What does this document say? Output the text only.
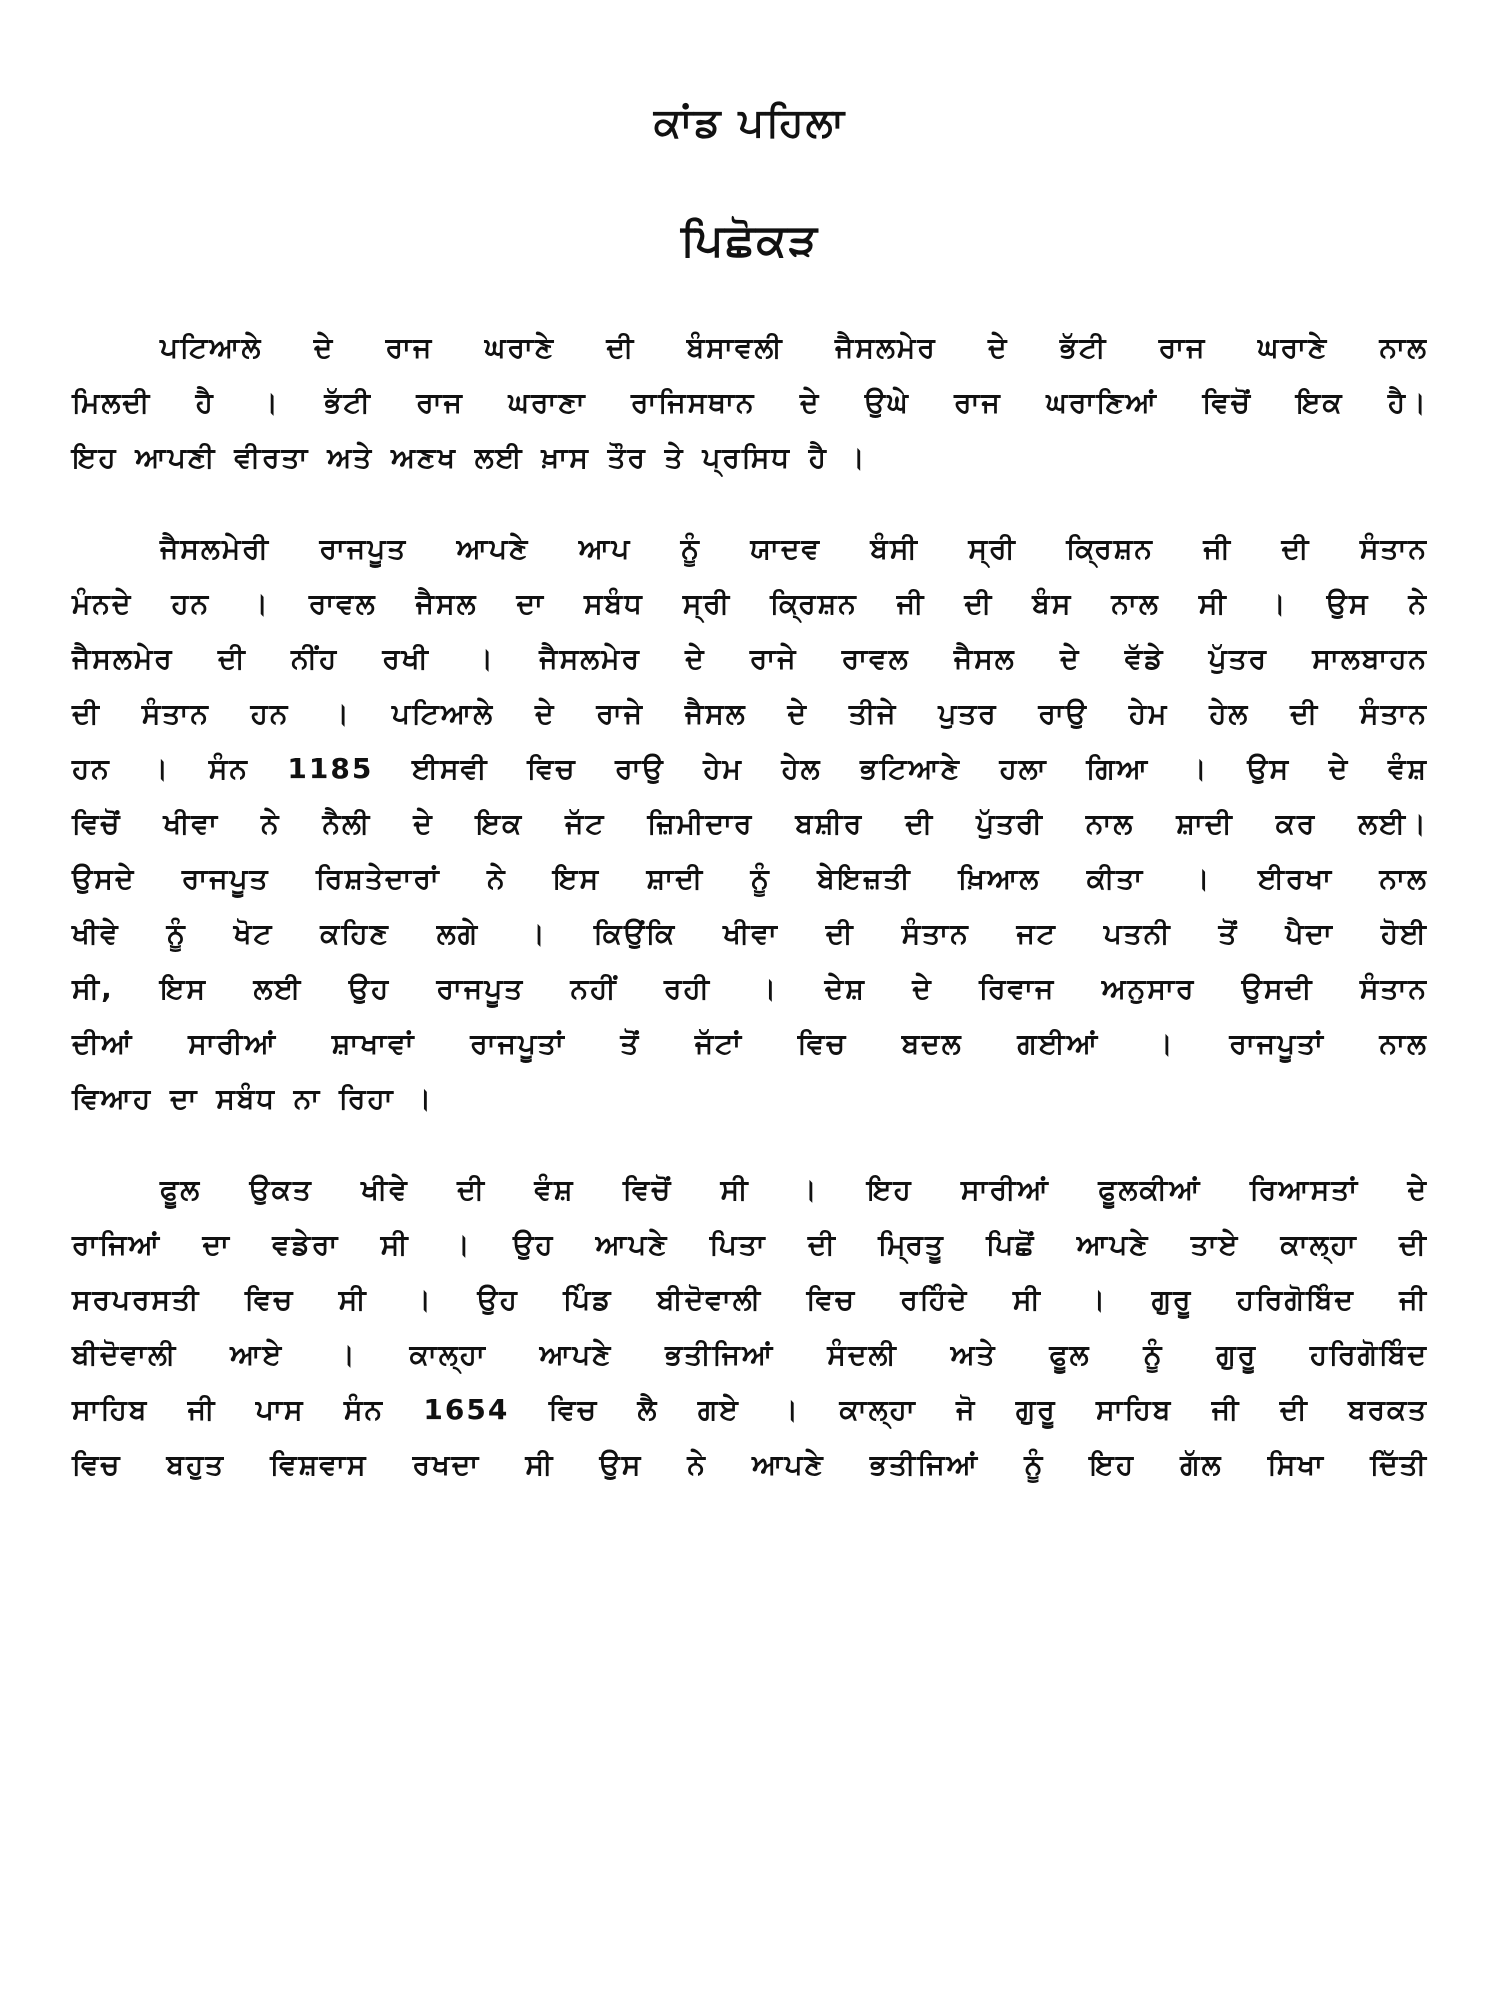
ਕਾਂਡ ਪਹਿਲਾ
ਪਿਛੋਕੜ

ਪਟਿਆਲੇ ਦੇ ਰਾਜ ਘਰਾਣੇ ਦੀ ਬੰਸਾਵਲੀ ਜੈਸਲਮੇਰ ਦੇ ਭੱਟੀ ਰਾਜ ਘਰਾਣੇ ਨਾਲ
ਮਿਲਦੀ ਹੈ । ਭੱਟੀ ਰਾਜ ਘਰਾਣਾ ਰਾਜਿਸਥਾਨ ਦੇ ਉਘੇ ਰਾਜ ਘਰਾਣਿਆਂ ਵਿਚੋਂ ਇਕ ਹੈ।
ਇਹ ਆਪਣੀ ਵੀਰਤਾ ਅਤੇ ਅਣਖ ਲਈ ਖ਼ਾਸ ਤੌਰ ਤੇ ਪ੍ਰਸਿਧ ਹੈ ।

ਜੈਸਲਮੇਰੀ ਰਾਜਪੂਤ ਆਪਣੇ ਆਪ ਨੂੰ ਯਾਦਵ ਬੰਸੀ ਸ੍ਰੀ ਕ੍ਰਿਸ਼ਨ ਜੀ ਦੀ ਸੰਤਾਨ
ਮੰਨਦੇ ਹਨ । ਰਾਵਲ ਜੈਸਲ ਦਾ ਸਬੰਧ ਸ੍ਰੀ ਕ੍ਰਿਸ਼ਨ ਜੀ ਦੀ ਬੰਸ ਨਾਲ ਸੀ । ਉਸ ਨੇ
ਜੈਸਲਮੇਰ ਦੀ ਨੀਂਹ ਰਖੀ । ਜੈਸਲਮੇਰ ਦੇ ਰਾਜੇ ਰਾਵਲ ਜੈਸਲ ਦੇ ਵੱਡੇ ਪੁੱਤਰ ਸਾਲਬਾਹਨ
ਦੀ ਸੰਤਾਨ ਹਨ । ਪਟਿਆਲੇ ਦੇ ਰਾਜੇ ਜੈਸਲ ਦੇ ਤੀਜੇ ਪੁਤਰ ਰਾਉ ਹੇਮ ਹੇਲ ਦੀ ਸੰਤਾਨ
ਹਨ । ਸੰਨ 1185 ਈਸਵੀ ਵਿਚ ਰਾਉ ਹੇਮ ਹੇਲ ਭਟਿਆਣੇ ਹਲਾ ਗਿਆ । ਉਸ ਦੇ ਵੰਸ਼
ਵਿਚੋਂ ਖੀਵਾ ਨੇ ਨੈਲੀ ਦੇ ਇਕ ਜੱਟ ਜ਼ਿਮੀਦਾਰ ਬਸ਼ੀਰ ਦੀ ਪੁੱਤਰੀ ਨਾਲ ਸ਼ਾਦੀ ਕਰ ਲਈ।
ਉਸਦੇ ਰਾਜਪੂਤ ਰਿਸ਼ਤੇਦਾਰਾਂ ਨੇ ਇਸ ਸ਼ਾਦੀ ਨੂੰ ਬੇਇਜ਼ਤੀ ਖ਼ਿਆਲ ਕੀਤਾ । ਈਰਖਾ ਨਾਲ
ਖੀਵੇ ਨੂੰ ਖੋਟ ਕਹਿਣ ਲਗੇ । ਕਿਉਂਕਿ ਖੀਵਾ ਦੀ ਸੰਤਾਨ ਜਟ ਪਤਨੀ ਤੋਂ ਪੈਦਾ ਹੋਈ
ਸੀ, ਇਸ ਲਈ ਉਹ ਰਾਜਪੂਤ ਨਹੀਂ ਰਹੀ । ਦੇਸ਼ ਦੇ ਰਿਵਾਜ ਅਨੁਸਾਰ ਉਸਦੀ ਸੰਤਾਨ
ਦੀਆਂ ਸਾਰੀਆਂ ਸ਼ਾਖਾਵਾਂ ਰਾਜਪੂਤਾਂ ਤੋਂ ਜੱਟਾਂ ਵਿਚ ਬਦਲ ਗਈਆਂ । ਰਾਜਪੂਤਾਂ ਨਾਲ
ਵਿਆਹ ਦਾ ਸਬੰਧ ਨਾ ਰਿਹਾ ।

ਫੂਲ ਉਕਤ ਖੀਵੇ ਦੀ ਵੰਸ਼ ਵਿਚੋਂ ਸੀ । ਇਹ ਸਾਰੀਆਂ ਫੂਲਕੀਆਂ ਰਿਆਸਤਾਂ ਦੇ
ਰਾਜਿਆਂ ਦਾ ਵਡੇਰਾ ਸੀ । ਉਹ ਆਪਣੇ ਪਿਤਾ ਦੀ ਮ੍ਰਿਤੂ ਪਿਛੋਂ ਆਪਣੇ ਤਾਏ ਕਾਲ੍ਹਾ ਦੀ
ਸਰਪਰਸਤੀ ਵਿਚ ਸੀ । ਉਹ ਪਿੰਡ ਬੀਦੋਵਾਲੀ ਵਿਚ ਰਹਿੰਦੇ ਸੀ । ਗੁਰੂ ਹਰਿਗੋਬਿੰਦ ਜੀ
ਬੀਦੋਵਾਲੀ ਆਏ । ਕਾਲ੍ਹਾ ਆਪਣੇ ਭਤੀਜਿਆਂ ਸੰਦਲੀ ਅਤੇ ਫੂਲ ਨੂੰ ਗੁਰੂ ਹਰਿਗੋਬਿੰਦ
ਸਾਹਿਬ ਜੀ ਪਾਸ ਸੰਨ 1654 ਵਿਚ ਲੈ ਗਏ । ਕਾਲ੍ਹਾ ਜੋ ਗੁਰੂ ਸਾਹਿਬ ਜੀ ਦੀ ਬਰਕਤ
ਵਿਚ ਬਹੁਤ ਵਿਸ਼ਵਾਸ ਰਖਦਾ ਸੀ ਉਸ ਨੇ ਆਪਣੇ ਭਤੀਜਿਆਂ ਨੂੰ ਇਹ ਗੱਲ ਸਿਖਾ ਦਿੱਤੀ
